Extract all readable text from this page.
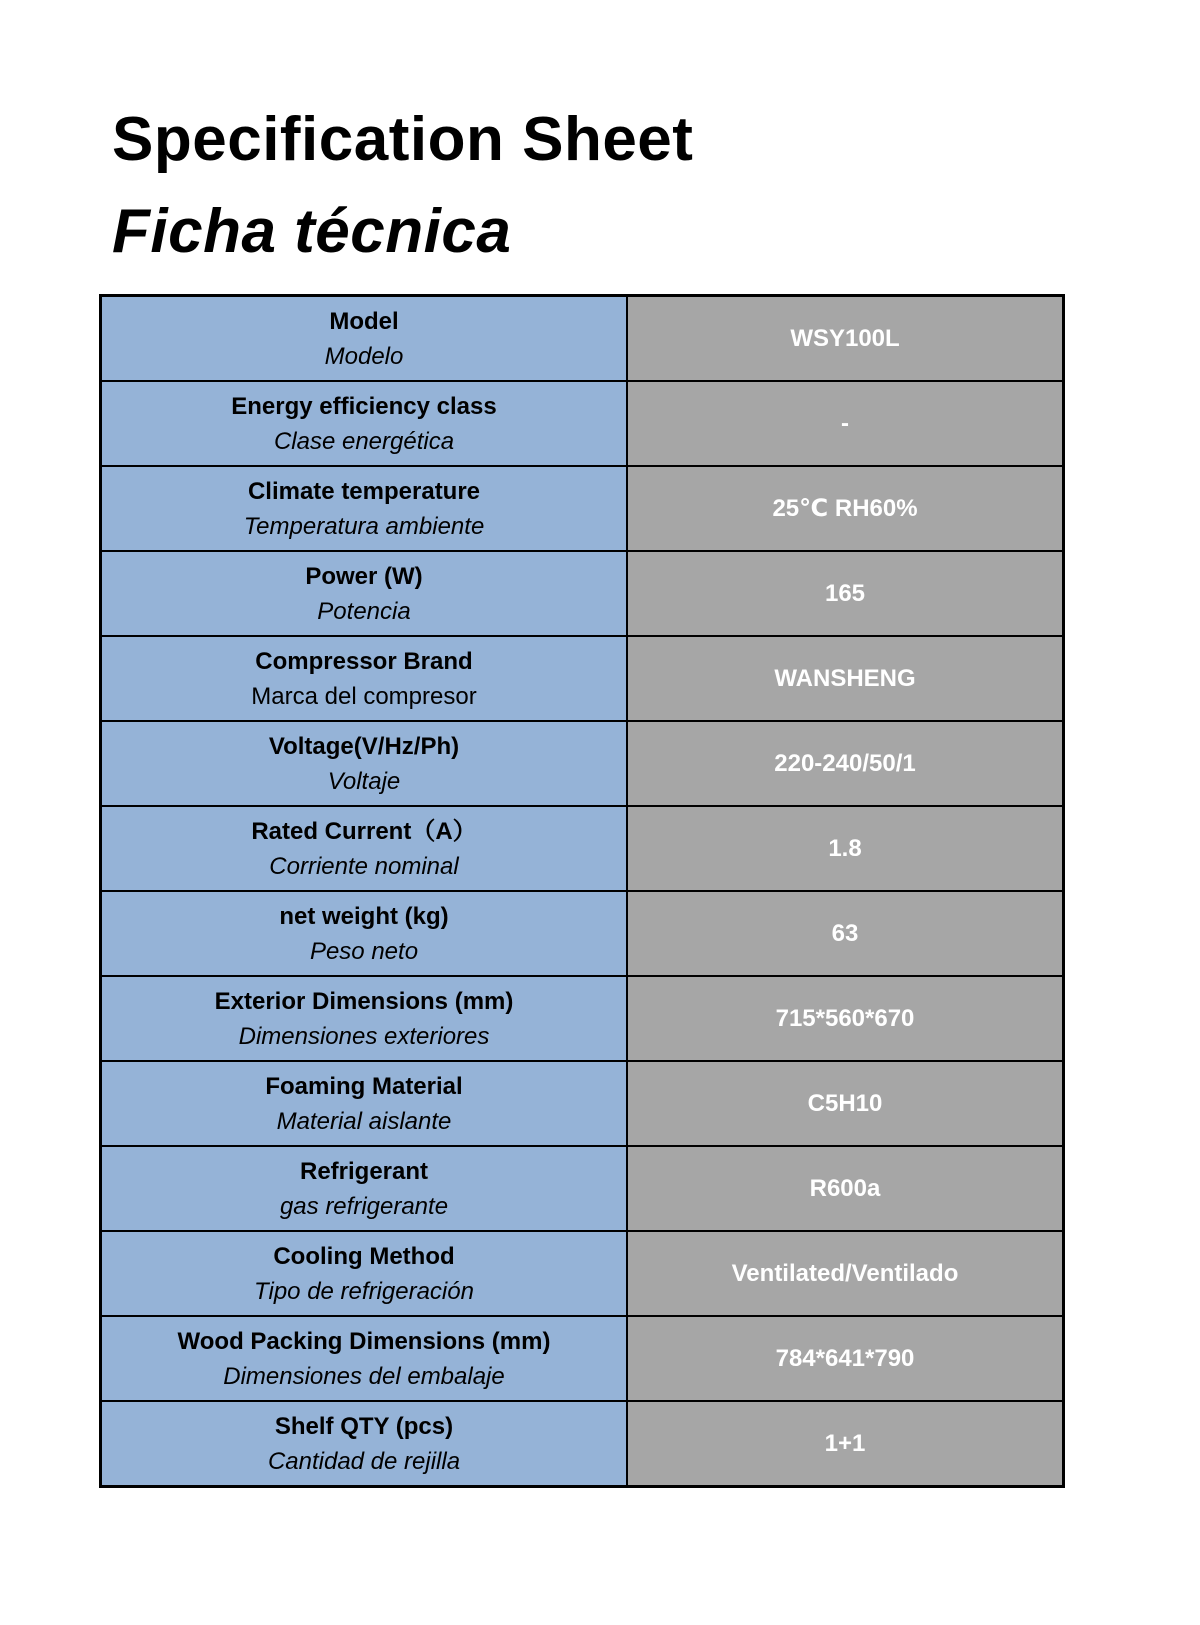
Specification Sheet
Ficha técnica
Model
Modelo	WSY100L

Energy efficiency class
Clase energética	-

Climate temperature
Temperatura ambiente	25℃ RH60%

Power (W)
Potencia	165

Compressor Brand
Marca del compresor	WANSHENG

Voltage(V/Hz/Ph)
Voltaje	220-240/50/1

Rated Current（A）
Corriente nominal	1.8

net weight (kg)
Peso neto	63

Exterior Dimensions (mm)
Dimensiones exteriores	715*560*670

Foaming Material
Material aislante	C5H10

Refrigerant
gas refrigerante	R600a

Cooling Method
Tipo de refrigeración	Ventilated/Ventilado

Wood Packing Dimensions (mm)
Dimensiones del embalaje	784*641*790

Shelf QTY (pcs)
Cantidad de rejilla	1+1
